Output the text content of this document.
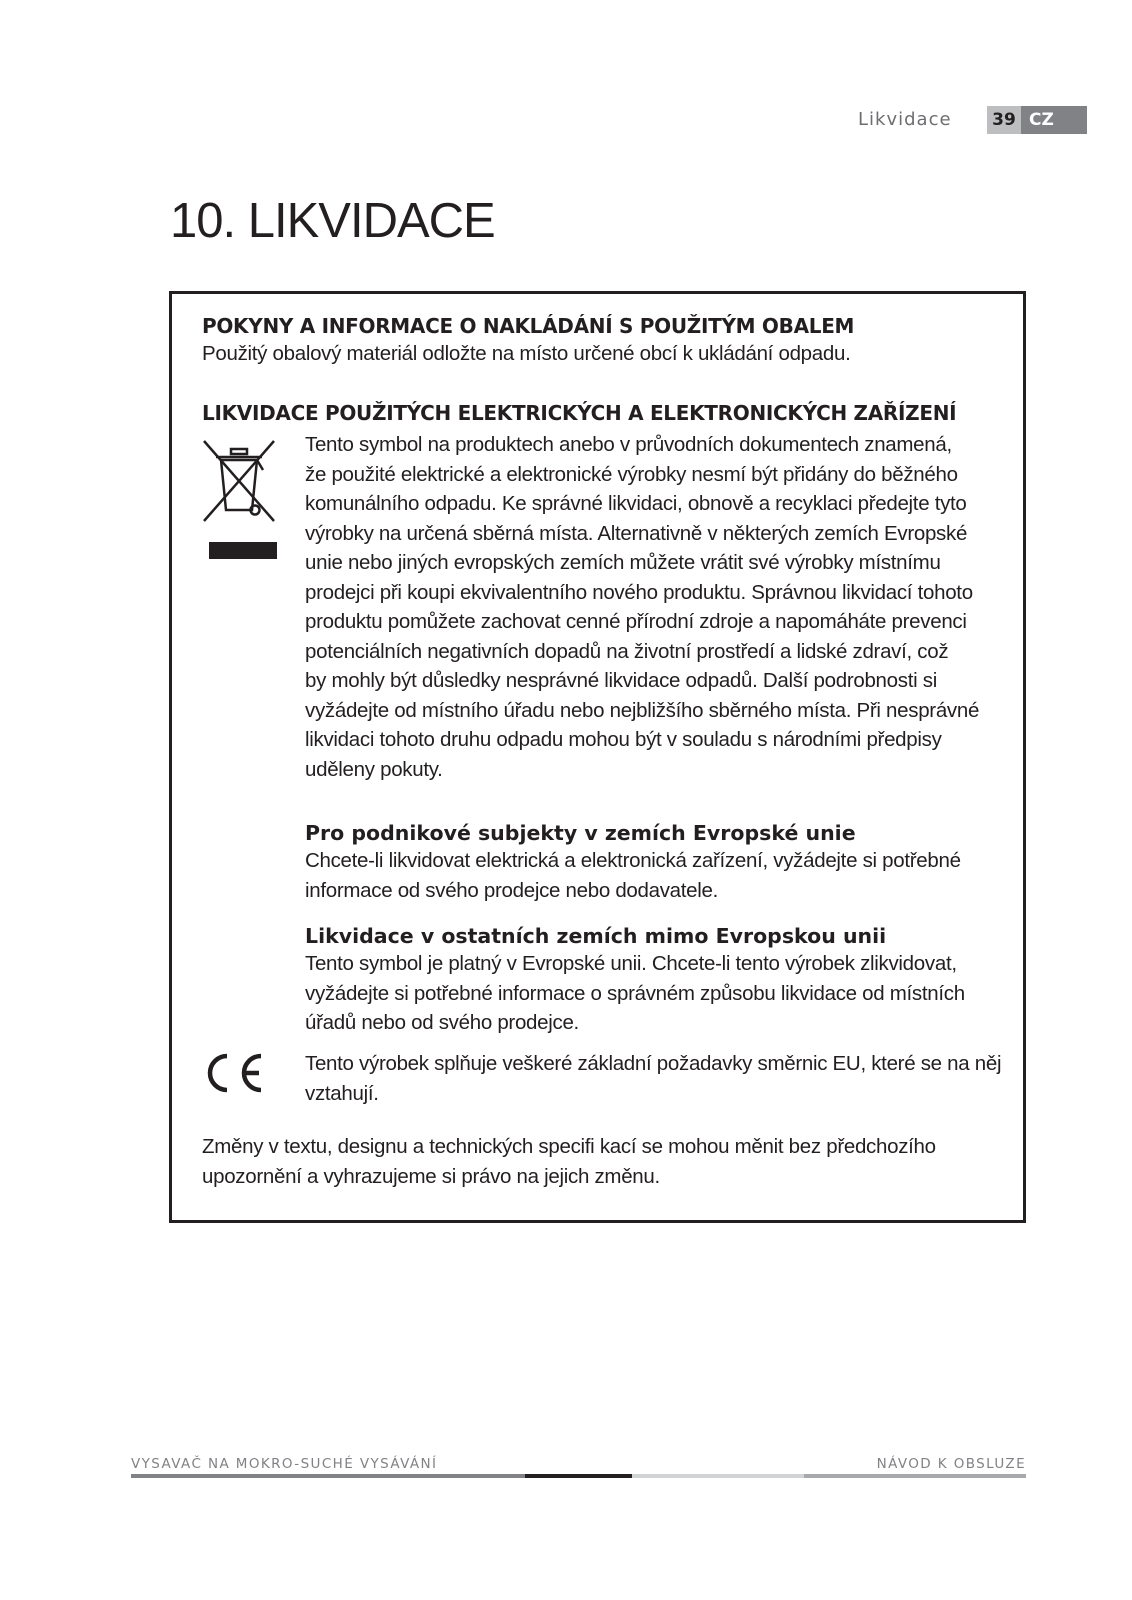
Likvidace	39 CZ
10. LIKVIDACE
POKYNY A INFORMACE O NAKLÁDÁNÍ S POUŽITÝM OBALEM
Použitý obalový materiál odložte na místo určené obcí k ukládání odpadu.
LIKVIDACE POUŽITÝCH ELEKTRICKÝCH A ELEKTRONICKÝCH ZAŘÍZENÍ
Tento symbol na produktech anebo v průvodních dokumentech znamená,
že použité elektrické a elektronické výrobky nesmí být přidány do běžného
komunálního odpadu. Ke správné likvidaci, obnově a recyklaci předejte tyto
výrobky na určená sběrná místa. Alternativně v některých zemích Evropské
unie nebo jiných evropských zemích můžete vrátit své výrobky místnímu
prodejci při koupi ekvivalentního nového produktu. Správnou likvidací tohoto
produktu pomůžete zachovat cenné přírodní zdroje a napomáháte prevenci
potenciálních negativních dopadů na životní prostředí a lidské zdraví, což
by mohly být důsledky nesprávné likvidace odpadů. Další podrobnosti si
vyžádejte od místního úřadu nebo nejbližšího sběrného místa. Při nesprávné
likvidaci tohoto druhu odpadu mohou být v souladu s národními předpisy
uděleny pokuty.
Pro podnikové subjekty v zemích Evropské unie
Chcete-li likvidovat elektrická a elektronická zařízení, vyžádejte si potřebné
informace od svého prodejce nebo dodavatele.
Likvidace v ostatních zemích mimo Evropskou unii
Tento symbol je platný v Evropské unii. Chcete-li tento výrobek zlikvidovat,
vyžádejte si potřebné informace o správném způsobu likvidace od místních
úřadů nebo od svého prodejce.
Tento výrobek splňuje veškeré základní požadavky směrnic EU, které se na něj
vztahují.
Změny v textu, designu a technických specifi kací se mohou měnit bez předchozího
upozornění a vyhrazujeme si právo na jejich změnu.
VYSAVAČ NA MOKRO-SUCHÉ VYSÁVÁNÍ	NÁVOD K OBSLUZE
